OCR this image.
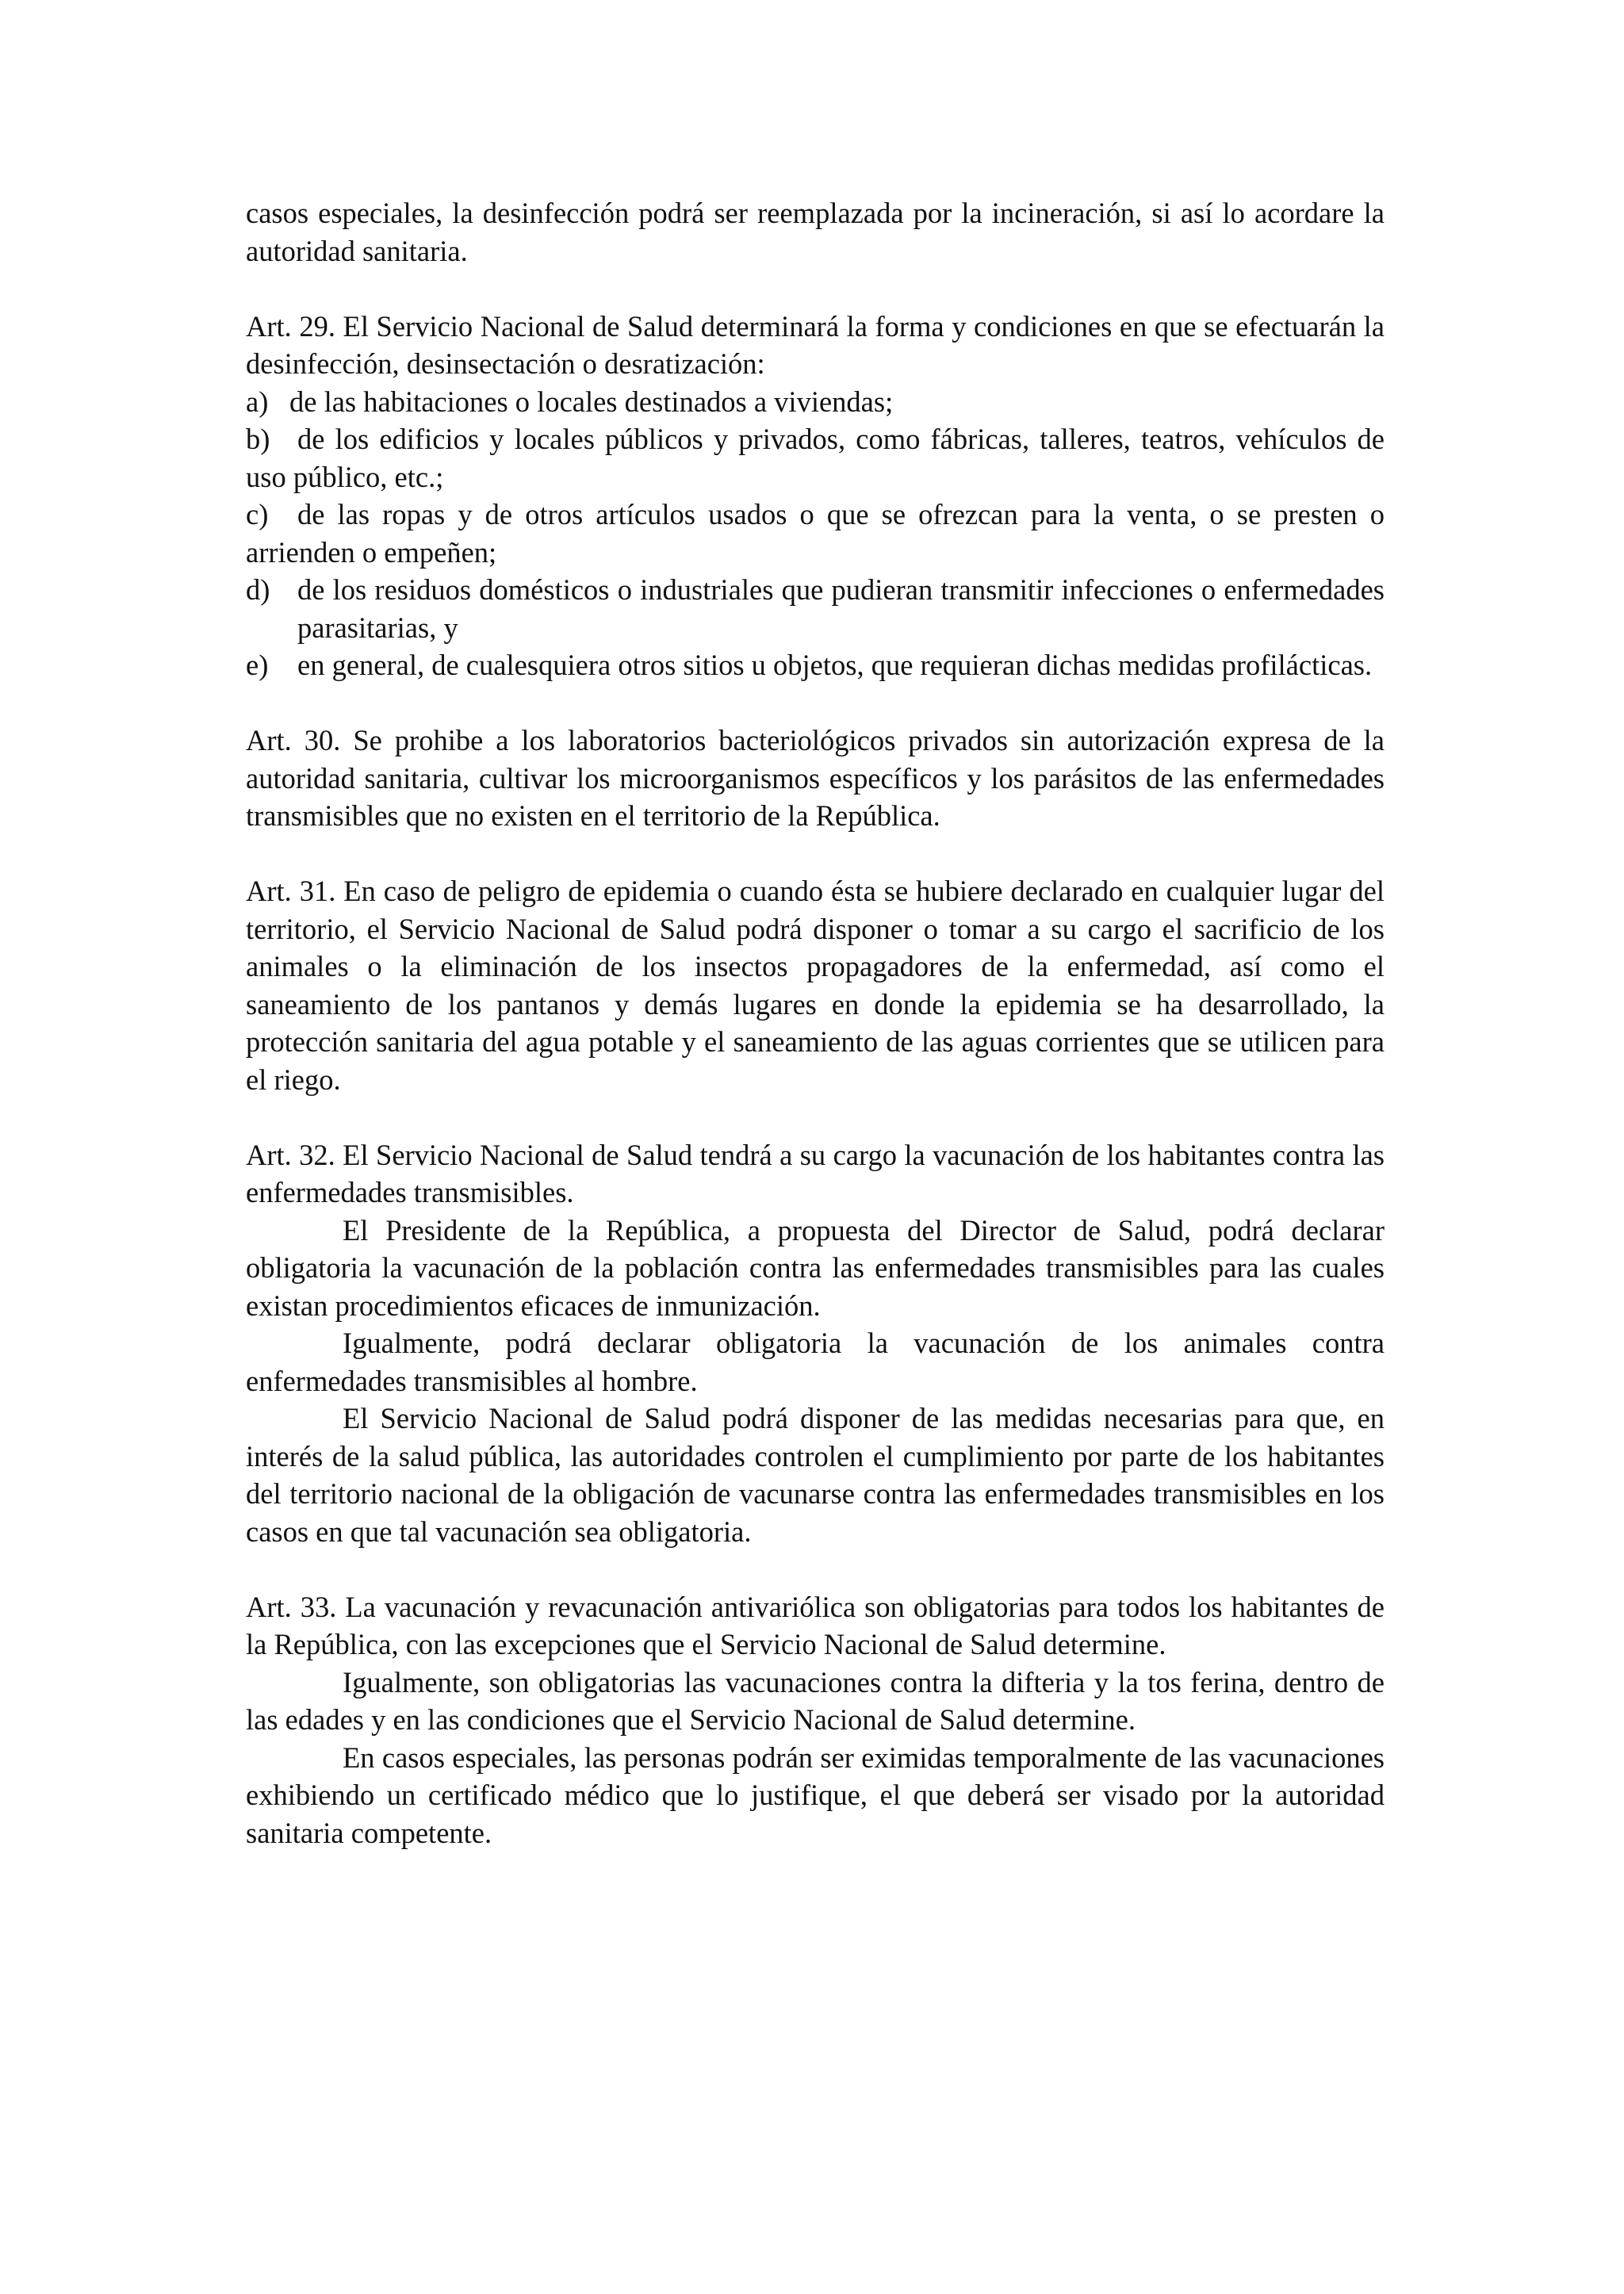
casos especiales, la desinfección podrá ser reemplazada por la incineración, si así lo acordare la autoridad sanitaria.

Art. 29. El Servicio Nacional de Salud determinará la forma y condiciones en que se efectuarán la desinfección, desinsectación o desratización:

a) de las habitaciones o locales destinados a viviendas;

b) de los edificios y locales públicos y privados, como fábricas, talleres, teatros, vehículos de uso público, etc.;

c) de las ropas y de otros artículos usados o que se ofrezcan para la venta, o se presten o arrienden o empeñen;

d) de los residuos domésticos o industriales que pudieran transmitir infecciones o enfermedades parasitarias, y

e) en general, de cualesquiera otros sitios u objetos, que requieran dichas medidas profilácticas.

Art. 30. Se prohibe a los laboratorios bacteriológicos privados sin autorización expresa de la autoridad sanitaria, cultivar los microorganismos específicos y los parásitos de las enfermedades transmisibles que no existen en el territorio de la República.

Art. 31. En caso de peligro de epidemia o cuando ésta se hubiere declarado en cualquier lugar del territorio, el Servicio Nacional de Salud podrá disponer o tomar a su cargo el sacrificio de los animales o la eliminación de los insectos propagadores de la enfermedad, así como el saneamiento de los pantanos y demás lugares en donde la epidemia se ha desarrollado, la protección sanitaria del agua potable y el saneamiento de las aguas corrientes que se utilicen para el riego.

Art. 32. El Servicio Nacional de Salud tendrá a su cargo la vacunación de los habitantes contra las enfermedades transmisibles.

El Presidente de la República, a propuesta del Director de Salud, podrá declarar obligatoria la vacunación de la población contra las enfermedades transmisibles para las cuales existan procedimientos eficaces de inmunización.

Igualmente, podrá declarar obligatoria la vacunación de los animales contra enfermedades transmisibles al hombre.

El Servicio Nacional de Salud podrá disponer de las medidas necesarias para que, en interés de la salud pública, las autoridades controlen el cumplimiento por parte de los habitantes del territorio nacional de la obligación de vacunarse contra las enfermedades transmisibles en los casos en que tal vacunación sea obligatoria.

Art. 33. La vacunación y revacunación antivariólica son obligatorias para todos los habitantes de la República, con las excepciones que el Servicio Nacional de Salud determine.

Igualmente, son obligatorias las vacunaciones contra la difteria y la tos ferina, dentro de las edades y en las condiciones que el Servicio Nacional de Salud determine.

En casos especiales, las personas podrán ser eximidas temporalmente de las vacunaciones exhibiendo un certificado médico que lo justifique, el que deberá ser visado por la autoridad sanitaria competente.
